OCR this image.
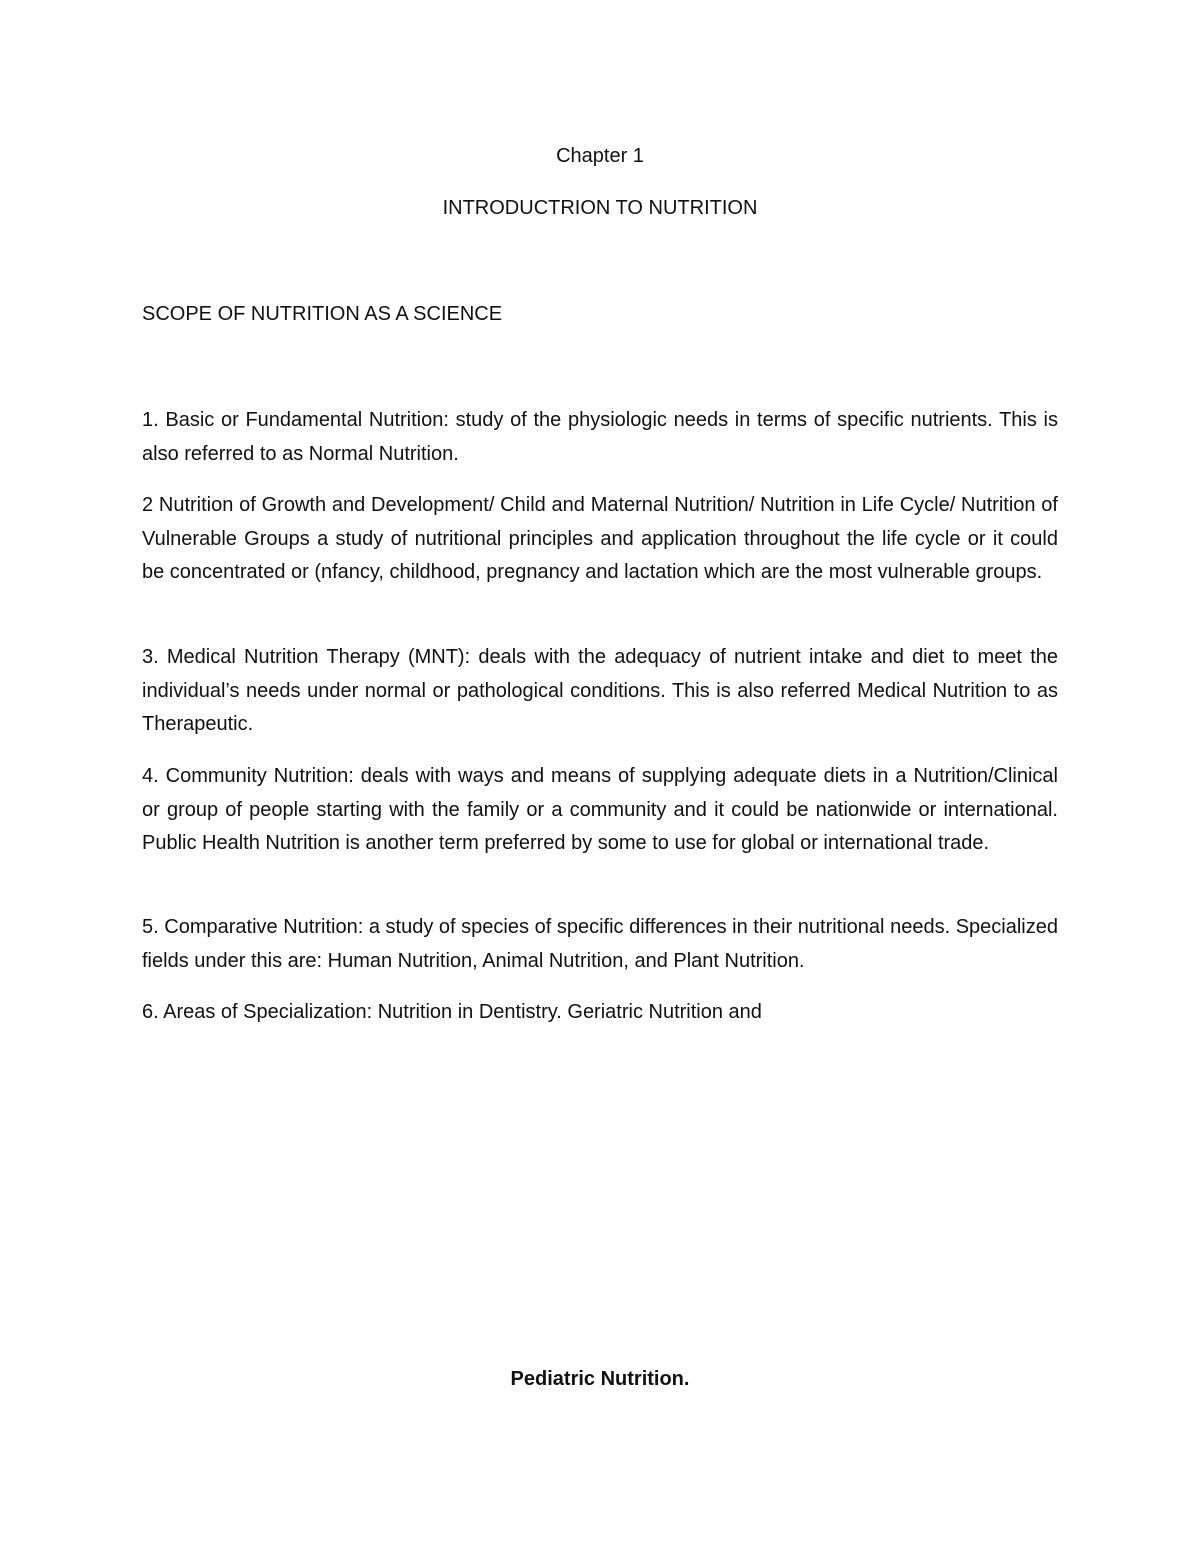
Chapter 1
INTRODUCTRION TO NUTRITION
SCOPE OF NUTRITION AS A SCIENCE
1. Basic or Fundamental Nutrition: study of the physiologic needs in terms of specific nutrients. This is also referred to as Normal Nutrition.
2 Nutrition of Growth and Development/ Child and Maternal Nutrition/ Nutrition in Life Cycle/ Nutrition of Vulnerable Groups a study of nutritional principles and application throughout the life cycle or it could be concentrated or (nfancy, childhood, pregnancy and lactation which are the most vulnerable groups.
3. Medical Nutrition Therapy (MNT): deals with the adequacy of nutrient intake and diet to meet the individual’s needs under normal or pathological conditions. This is also referred Medical Nutrition to as Therapeutic.
4. Community Nutrition: deals with ways and means of supplying adequate diets in a Nutrition/Clinical or group of people starting with the family or a community and it could be nationwide or international. Public Health Nutrition is another term preferred by some to use for global or international trade.
5. Comparative Nutrition: a study of species of specific differences in their nutritional needs. Specialized fields under this are: Human Nutrition, Animal Nutrition, and Plant Nutrition.
6. Areas of Specialization: Nutrition in Dentistry. Geriatric Nutrition and
Pediatric Nutrition.
